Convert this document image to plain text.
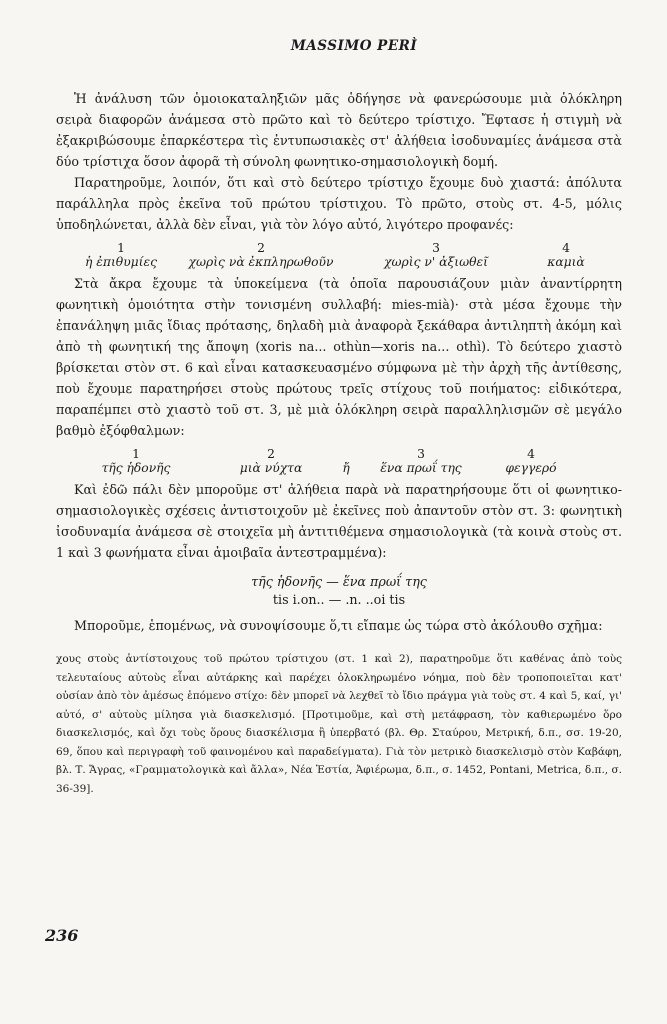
MASSIMO PERÌ

Ἡ ἀνάλυση τῶν ὁμοιοκαταληξιῶν μᾶς ὁδήγησε νὰ φανερώσουμε μιὰ ὁλόκληρη σειρὰ διαφορῶν ἀνάμεσα στὸ πρῶτο καὶ τὸ δεύτερο τρίστιχο. Ἔφτασε ἡ στιγμὴ νὰ ἐξακριβώσουμε ἐπαρκέστερα τὶς ἐντυπωσιακὲς στ' ἀλήθεια ἰσοδυναμίες ἀνάμεσα στὰ δύο τρίστιχα ὅσον ἀφορᾶ τὴ σύνολη φωνητικο-σημασιολογικὴ δομή.

Παρατηροῦμε, λοιπόν, ὅτι καὶ στὸ δεύτερο τρίστιχο ἔχουμε δυὸ χιαστά: ἀπόλυτα παράλληλα πρὸς ἐκεῖνα τοῦ πρώτου τρίστιχου. Τὸ πρῶτο, στοὺς στ. 4-5, μόλις ὑποδηλώνεται, ἀλλὰ δὲν εἶναι, γιὰ τὸν λόγο αὐτό, λιγότερο προφανές:

1	2	3	4
ἡ ἐπιθυμίες	χωρὶς νὰ ἐκπληρωθοῦν	χωρὶς ν' ἀξιωθεῖ	καμιὰ

Στὰ ἄκρα ἔχουμε τὰ ὑποκείμενα (τὰ ὁποῖα παρουσιάζουν μιὰν ἀναντίρρητη φωνητικὴ ὁμοιότητα στὴν τονισμένη συλλαβή: mies-mià)· στὰ μέσα ἔχουμε τὴν ἐπανάληψη μιᾶς ἴδιας πρότασης, δηλαδὴ μιὰ ἀναφορὰ ξεκάθαρα ἀντιληπτὴ ἀκόμη καὶ ἀπὸ τὴ φωνητική της ἄποψη (xoris na... othùn—xoris na... othì). Τὸ δεύτερο χιαστὸ βρίσκεται στὸν στ. 6 καὶ εἶναι κατασκευασμένο σύμφωνα μὲ τὴν ἀρχὴ τῆς ἀντίθεσης, ποὺ ἔχουμε παρατηρήσει στοὺς πρώτους τρεῖς στίχους τοῦ ποιήματος: εἰδικότερα, παραπέμπει στὸ χιαστὸ τοῦ στ. 3, μὲ μιὰ ὁλόκληρη σειρὰ παραλληλισμῶν σὲ μεγάλο βαθμὸ ἐξόφθαλμων:

1	2	3	4
τῆς ἡδονῆς	μιὰ νύχτα	ἤ	ἕνα πρωΐ της	φεγγερό

Καὶ ἐδῶ πάλι δὲν μποροῦμε στ' ἀλήθεια παρὰ νὰ παρατηρήσουμε ὅτι οἱ φωνητικο-σημασιολογικὲς σχέσεις ἀντιστοιχοῦν μὲ ἐκεῖνες ποὺ ἀπαντοῦν στὸν στ. 3: φωνητικὴ ἰσοδυναμία ἀνάμεσα σὲ στοιχεῖα μὴ ἀντιτιθέμενα σημασιολογικὰ (τὰ κοινὰ στοὺς στ. 1 καὶ 3 φωνήματα εἶναι ἀμοιβαῖα ἀντεστραμμένα):

τῆς ἡδονῆς — ἕνα πρωΐ της
tis i.on.. — .n. ..oi tis

Μποροῦμε, ἑπομένως, νὰ συνοψίσουμε ὅ,τι εἴπαμε ὡς τώρα στὸ ἀκόλουθο σχῆμα:

χους στοὺς ἀντίστοιχους τοῦ πρώτου τρίστιχου (στ. 1 καὶ 2), παρατηροῦμε ὅτι καθένας ἀπὸ τοὺς τελευταίους αὐτοὺς εἶναι αὐτάρκης καὶ παρέχει ὁλοκληρωμένο νόημα, ποὺ δὲν τροποποιεῖται κατ' οὐσίαν ἀπὸ τὸν ἀμέσως ἑπόμενο στίχο: δὲν μπορεῖ νὰ λεχθεῖ τὸ ἴδιο πράγμα γιὰ τοὺς στ. 4 καὶ 5, καί, γι' αὐτό, σ' αὐτοὺς μίλησα γιὰ διασκελισμό. [Προτιμοῦμε, καὶ στὴ μετάφραση, τὸν καθιερωμένο ὅρο διασκελισμός, καὶ ὄχι τοὺς ὅρους διασκέλισμα ἢ ὑπερβατό (βλ. Θρ. Σταύρου, Μετρική, δ.π., σσ. 19-20, 69, ὅπου καὶ περιγραφὴ τοῦ φαινομένου καὶ παραδείγματα). Γιὰ τὸν μετρικὸ διασκελισμὸ στὸν Καβάφη, βλ. Τ. Ἄγρας, «Γραμματολογικὰ καὶ ἄλλα», Νέα Ἑστία, Ἀφιέρωμα, δ.π., σ. 1452, Pontani, Metrica, δ.π., σ. 36-39].
236
